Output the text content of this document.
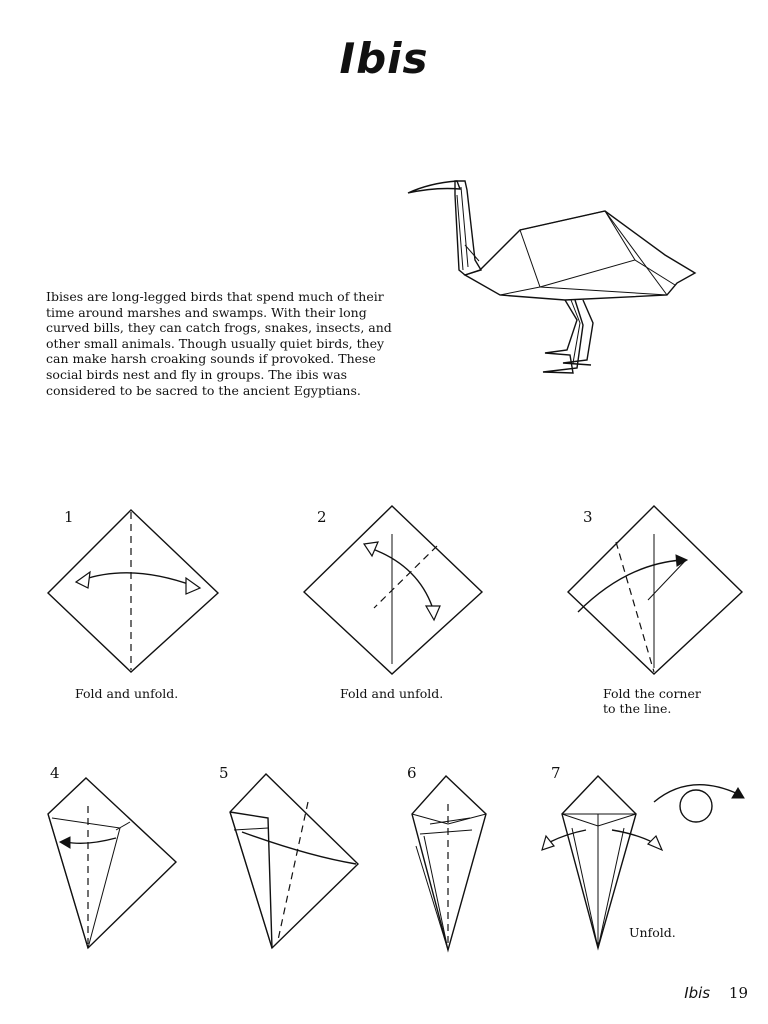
Ibis
Ibises are long-legged birds that spend much of their time around marshes and swamps. With their long curved bills, they can catch frogs, snakes, insects, and other small animals. Though usually quiet birds, they can make harsh croaking sounds if provoked. These social birds nest and fly in groups. The ibis was considered to be sacred to the ancient Egyptians.
1
Fold and unfold.
2
Fold and unfold.
3
Fold the corner
to the line.
4	5	6	7
Unfold.
Ibis 19
